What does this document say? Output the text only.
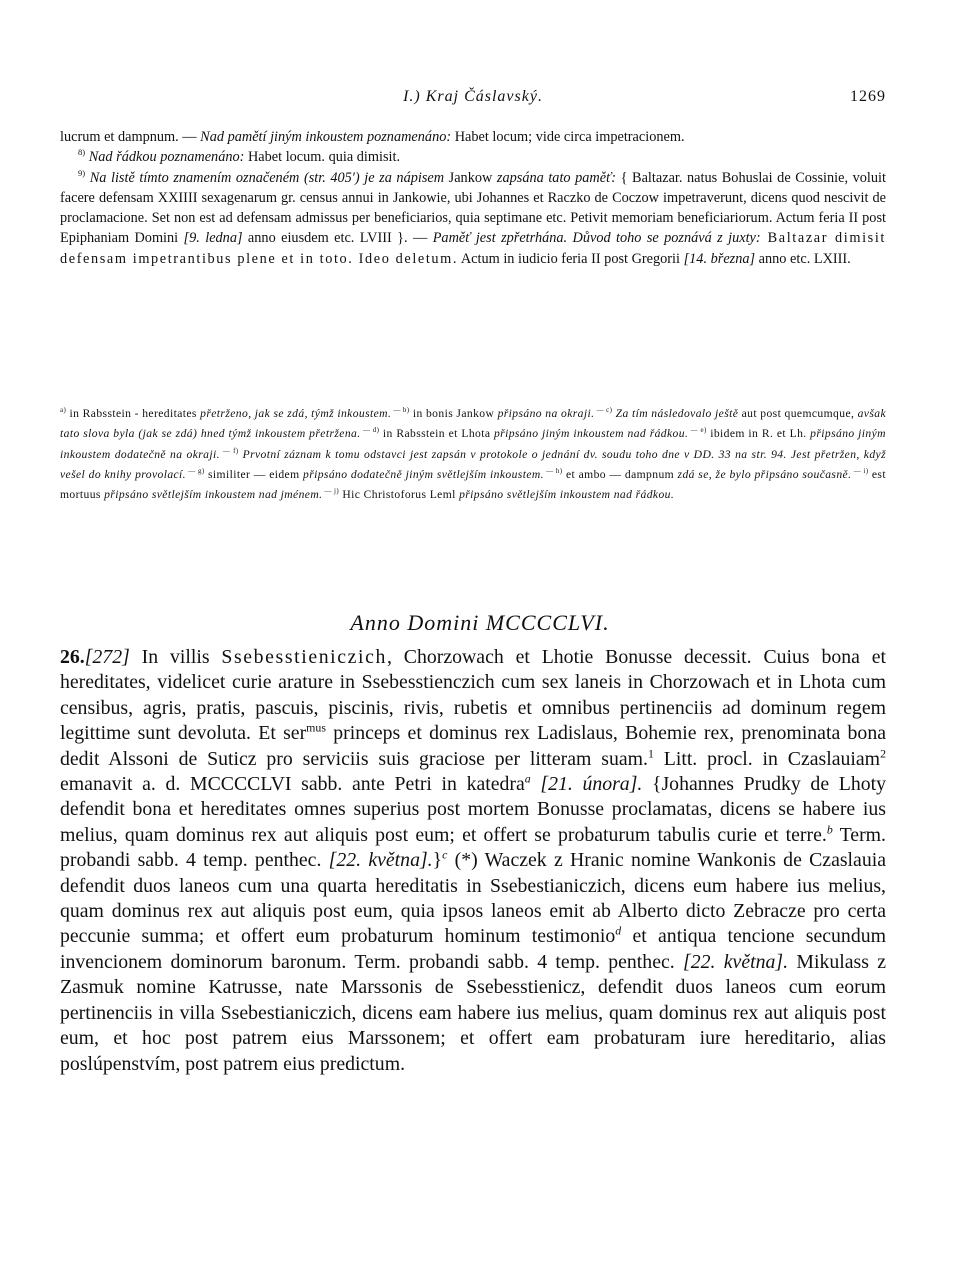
I.) Kraj Čáslavský.	1269

lucrum et dampnum. — Nad pamětí jiným inkoustem poznamenáno: Habet locum; vide circa impetracionem.

$^{8)}$ Nad řádkou poznamenáno: Habet locum. quia dimisit.

$^{9)}$ Na listě tímto znamením označeném (str. 405′) je za nápisem Jankow zapsána tato paměť: { Baltazar. natus Bohuslai de Cossinie, voluit facere defensam XXIIII sexagenarum gr. census annui in Jankowie, ubi Johannes et Raczko de Coczow impetraverunt, dicens quod nescivit de proclamacione. Set non est ad defensam admissus per beneficiarios, quia septimane etc. Petivit memoriam beneficiariorum. Actum feria II post Epiphaniam Domini [9. ledna] anno eiusdem etc. LVIII }. — Paměť jest zpřetrhána. Důvod toho se poznává z juxty: Baltazar dimisit defensam impetrantibus plene et in toto. Ideo deletum. Actum in iudicio feria II post Gregorii [14. března] anno etc. LXIII.

$^{a)}$ in Rabsstein - hereditates přetrženo, jak se zdá, týmž inkoustem. $^{— b)}$ in bonis Jankow připsáno na okraji. $^{— c)}$ Za tím následovalo ještě aut post quemcumque, avšak tato slova byla (jak se zdá) hned týmž inkoustem přetržena. $^{— d)}$ in Rabsstein et Lhota připsáno jiným inkoustem nad řádkou. $^{— e)}$ ibidem in R. et Lh. připsáno jiným inkoustem dodatečně na okraji. $^{— f)}$ Prvotní záznam k tomu odstavci jest zapsán v protokole o jednání dv. soudu toho dne v DD. 33 na str. 94. Jest přetržen, když vešel do knihy provolací. $^{— g)}$ similiter — eidem připsáno dodatečně jiným světlejším inkoustem. $^{— h)}$ et ambo — dampnum zdá se, že bylo připsáno současně. $^{— i)}$ est mortuus připsáno světlejším inkoustem nad jménem. $^{— j)}$ Hic Christoforus Leml připsáno světlejším inkoustem nad řádkou.
Anno Domini MCCCCLVI.
26.[272] In villis Ssebesstieniczich, Chorzowach et Lhotie Bonusse decessit. Cuius bona et hereditates, videlicet curie arature in Ssebesstienczich cum sex laneis in Chorzowach et in Lhota cum censibus, agris, pratis, pascuis, piscinis, rivis, rubetis et omnibus pertinenciis ad dominum regem legittime sunt devoluta. Et ser$^{mus}$ princeps et dominus rex Ladislaus, Bohemie rex, prenominata bona dedit Alssoni de Suticz pro serviciis suis graciose per litteram suam.$^1$ Litt. procl. in Czaslauiam$^2$ emanavit a. d. MCCCCLVI sabb. ante Petri in katedra$^a$ [21. února]. {Johannes Prudky de Lhoty defendit bona et hereditates omnes superius post mortem Bonusse proclamatas, dicens se habere ius melius, quam dominus rex aut aliquis post eum; et offert se probaturum tabulis curie et terre.$^b$ Term. probandi sabb. 4 temp. penthec. [22. května].}$^c$ (*) Waczek z Hranic nomine Wankonis de Czaslauia defendit duos laneos cum una quarta hereditatis in Ssebestianiczich, dicens eum habere ius melius, quam dominus rex aut aliquis post eum, quia ipsos laneos emit ab Alberto dicto Zebracze pro certa peccunie summa; et offert eum probaturum hominum testimonio$^d$ et antiqua tencione secundum invencionem dominorum baronum. Term. probandi sabb. 4 temp. penthec. [22. května]. Mikulass z Zasmuk nomine Katrusse, nate Marssonis de Ssebesstienicz, defendit duos laneos cum eorum pertinenciis in villa Ssebestianiczich, dicens eam habere ius melius, quam dominus rex aut aliquis post eum, et hoc post patrem eius Marssonem; et offert eam probaturam iure hereditario, alias poslúpenstvím, post patrem eius predictum.
